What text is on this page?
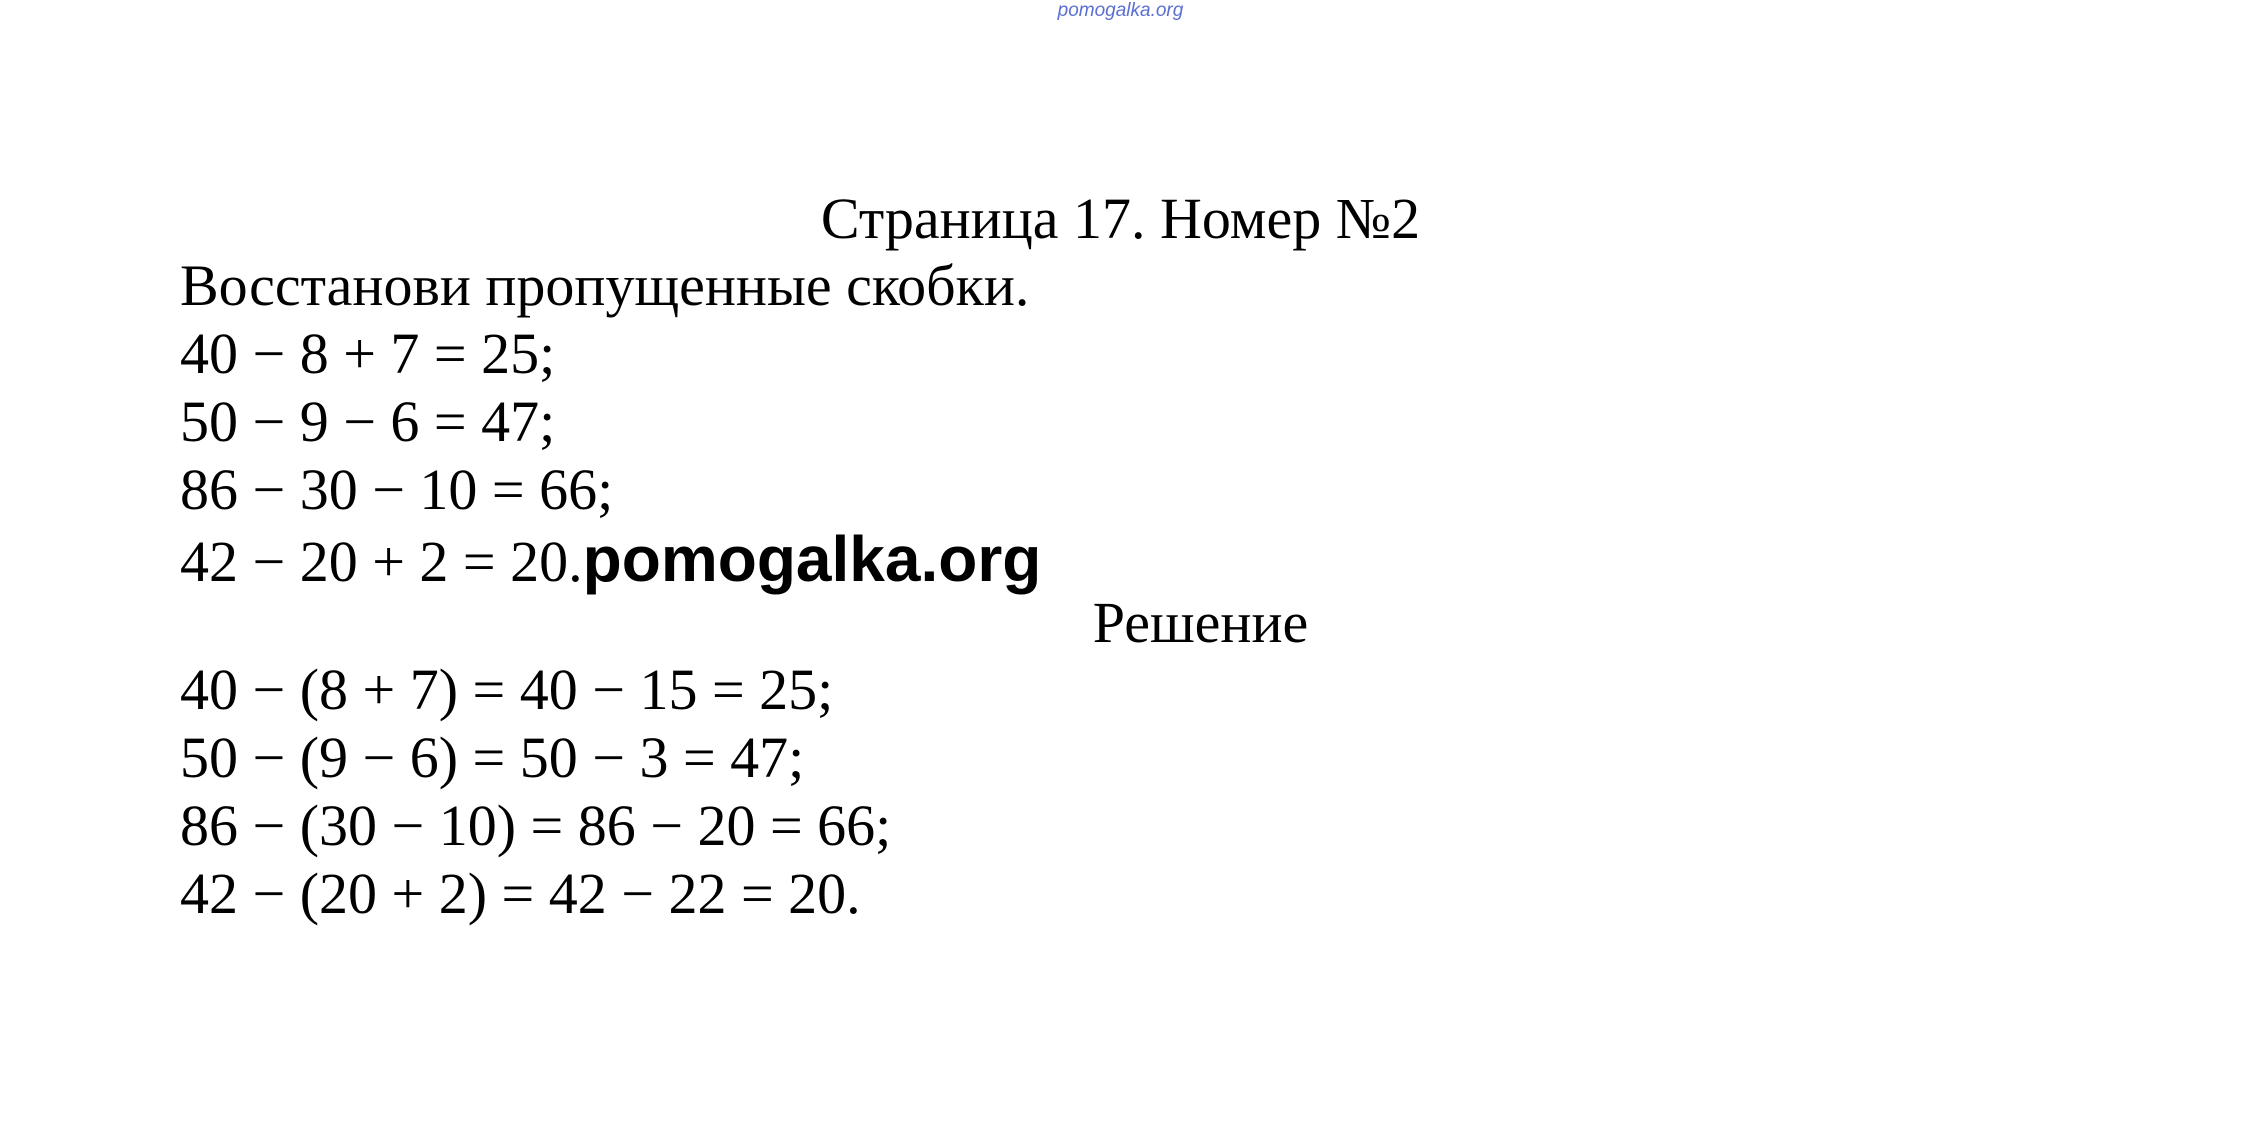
pomogalka.org
Страница 17. Номер №2
Восстанови пропущенные скобки.
40 − 8 + 7 = 25;
50 − 9 − 6 = 47;
86 − 30 − 10 = 66;
42 − 20 + 2 = 20.pomogalka.org
Решение
40 − (8 + 7) = 40 − 15 = 25;
50 − (9 − 6) = 50 − 3 = 47;
86 − (30 − 10) = 86 − 20 = 66;
42 − (20 + 2) = 42 − 22 = 20.
